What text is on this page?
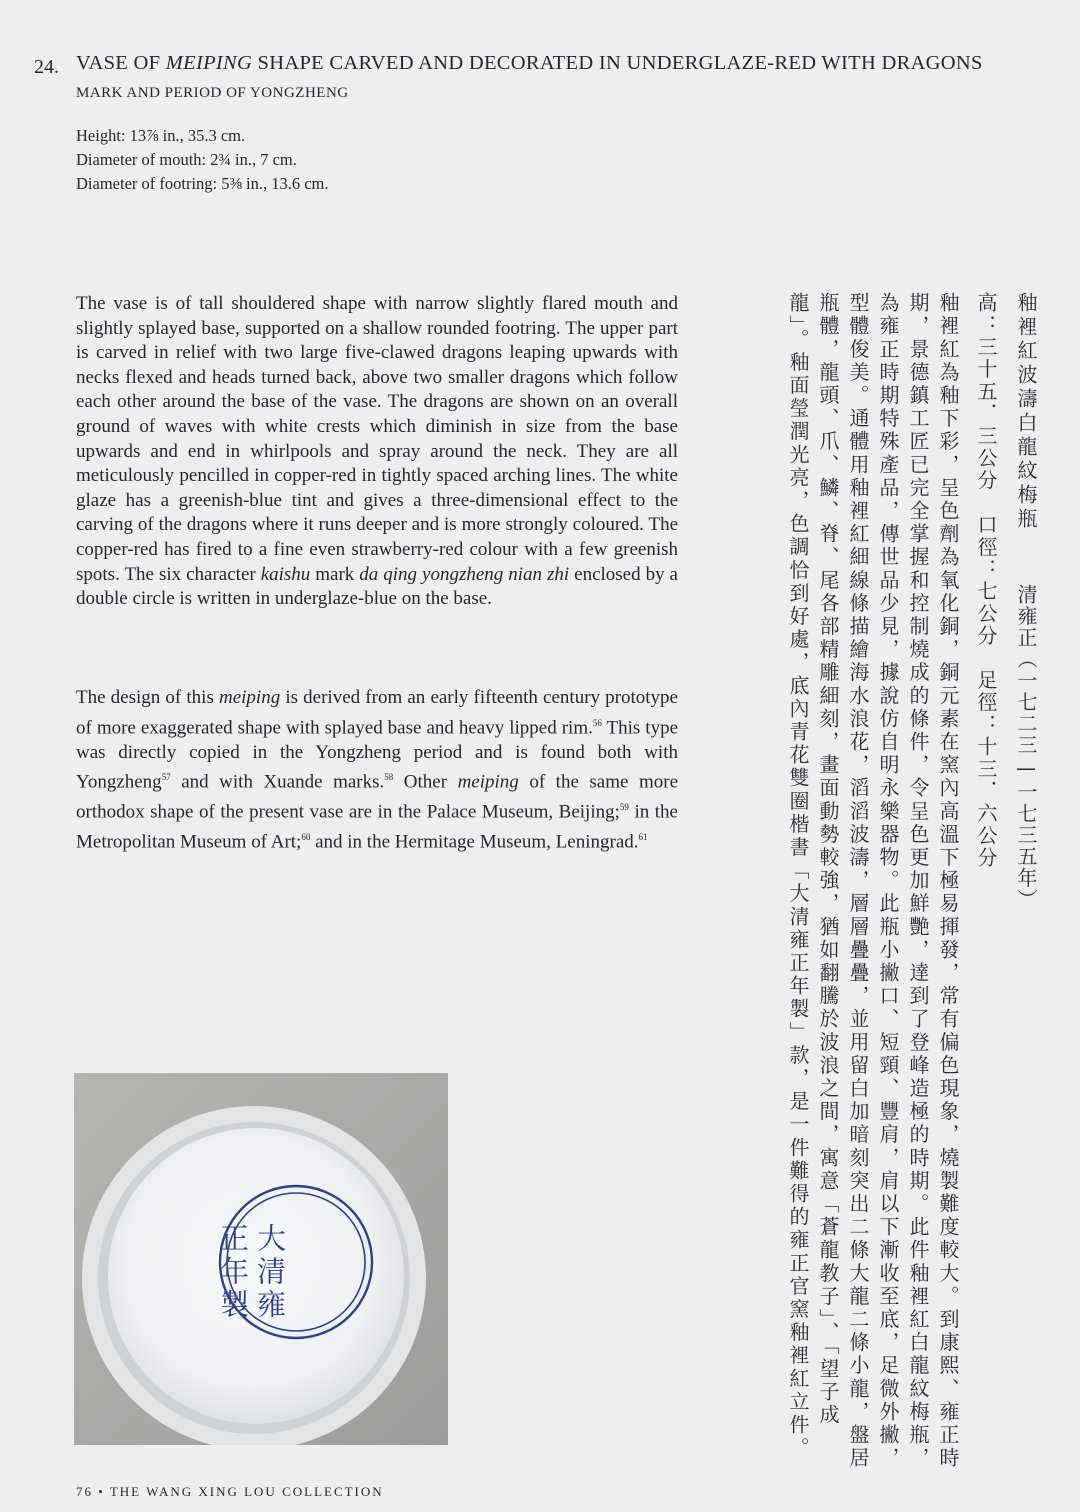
24. VASE OF MEIPING SHAPE CARVED AND DECORATED IN UNDERGLAZE-RED WITH DRAGONS
MARK AND PERIOD OF YONGZHENG
Height: 13⅞ in., 35.3 cm.
Diameter of mouth: 2¾ in., 7 cm.
Diameter of footring: 5⅜ in., 13.6 cm.

The vase is of tall shouldered shape with narrow slightly flared mouth and slightly splayed base, supported on a shallow rounded footring. The upper part is carved in relief with two large five-clawed dragons leaping upwards with necks flexed and heads turned back, above two smaller dragons which follow each other around the base of the vase. The dragons are shown on an overall ground of waves with white crests which diminish in size from the base upwards and end in whirlpools and spray around the neck. They are all meticulously pencilled in copper-red in tightly spaced arching lines. The white glaze has a greenish-blue tint and gives a three-dimensional effect to the carving of the dragons where it runs deeper and is more strongly coloured. The copper-red has fired to a fine even strawberry-red colour with a few greenish spots. The six character kaishu mark da qing yongzheng nian zhi enclosed by a double circle is written in underglaze-blue on the base.

The design of this meiping is derived from an early fifteenth century prototype of more exaggerated shape with splayed base and heavy lipped rim.$^{56}$ This type was directly copied in the Yongzheng period and is found both with Yongzheng$^{57}$ and with Xuande marks.$^{58}$ Other meiping of the same more orthodox shape of the present vase are in the Palace Museum, Beijing;$^{59}$ in the Metropolitan Museum of Art;$^{60}$ and in the Hermitage Museum, Leningrad.$^{61}$

大清雍
正年製
釉裡紅波濤白龍紋梅瓶
清雍正（一七二三—一七三五年）
高：三十五．三公分　口徑：七公分　足徑：十三．六公分
釉裡紅為釉下彩，呈色劑為氧化銅，銅元素在窯內高溫下極易揮發，常有偏色現象，燒製難度較大。到康熙、雍正時
期，景德鎮工匠已完全掌握和控制燒成的條件，令呈色更加鮮艷，達到了登峰造極的時期。此件釉裡紅白龍紋梅瓶，
為雍正時期特殊產品，傳世品少見，據說仿自明永樂器物。此瓶小撇口、短頸、豐肩，肩以下漸收至底，足微外撇，
型體俊美。通體用釉裡紅細線條描繪海水浪花，滔滔波濤，層層疊疊，並用留白加暗刻突出二條大龍二條小龍，盤居
瓶體，龍頭、爪、鱗、脊、尾各部精雕細刻，畫面動勢較強，猶如翻騰於波浪之間，寓意「蒼龍教子」、「望子成
龍」。釉面瑩潤光亮，色調恰到好處，底內青花雙圈楷書「大清雍正年製」款，是一件難得的雍正官窯釉裡紅立件。
76 • THE WANG XING LOU COLLECTION
